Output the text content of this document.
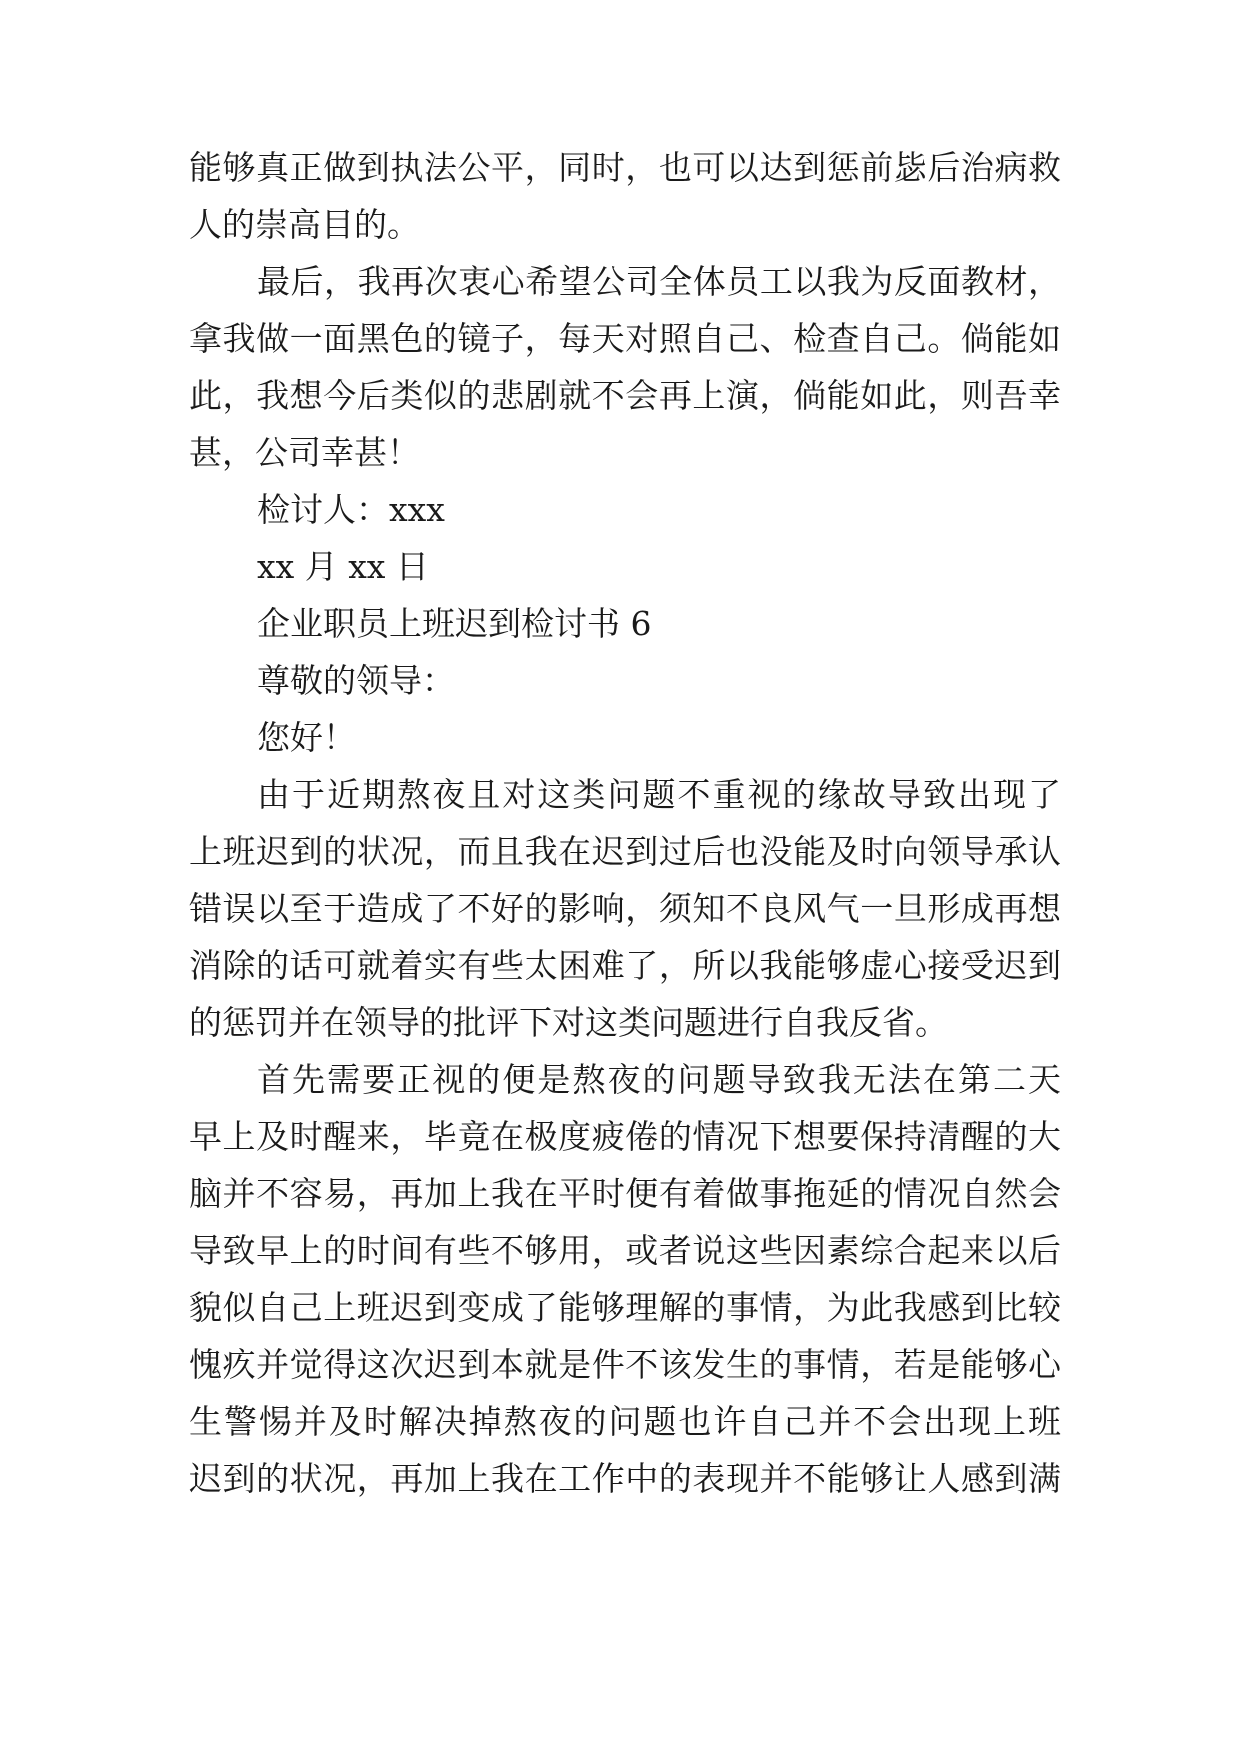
能够真正做到执法公平，同时，也可以达到惩前毖后治病救
人的崇高目的。
最后，我再次衷心希望公司全体员工以我为反面教材，
拿我做一面黑色的镜子，每天对照自己、检查自己。倘能如
此，我想今后类似的悲剧就不会再上演，倘能如此，则吾幸
甚，公司幸甚！
检讨人：xxx
xx 月 xx 日
企业职员上班迟到检讨书 6
尊敬的领导：
您好！
由于近期熬夜且对这类问题不重视的缘故导致出现了
上班迟到的状况，而且我在迟到过后也没能及时向领导承认
错误以至于造成了不好的影响，须知不良风气一旦形成再想
消除的话可就着实有些太困难了，所以我能够虚心接受迟到
的惩罚并在领导的批评下对这类问题进行自我反省。
首先需要正视的便是熬夜的问题导致我无法在第二天
早上及时醒来，毕竟在极度疲倦的情况下想要保持清醒的大
脑并不容易，再加上我在平时便有着做事拖延的情况自然会
导致早上的时间有些不够用，或者说这些因素综合起来以后
貌似自己上班迟到变成了能够理解的事情，为此我感到比较
愧疚并觉得这次迟到本就是件不该发生的事情，若是能够心
生警惕并及时解决掉熬夜的问题也许自己并不会出现上班
迟到的状况，再加上我在工作中的表现并不能够让人感到满
